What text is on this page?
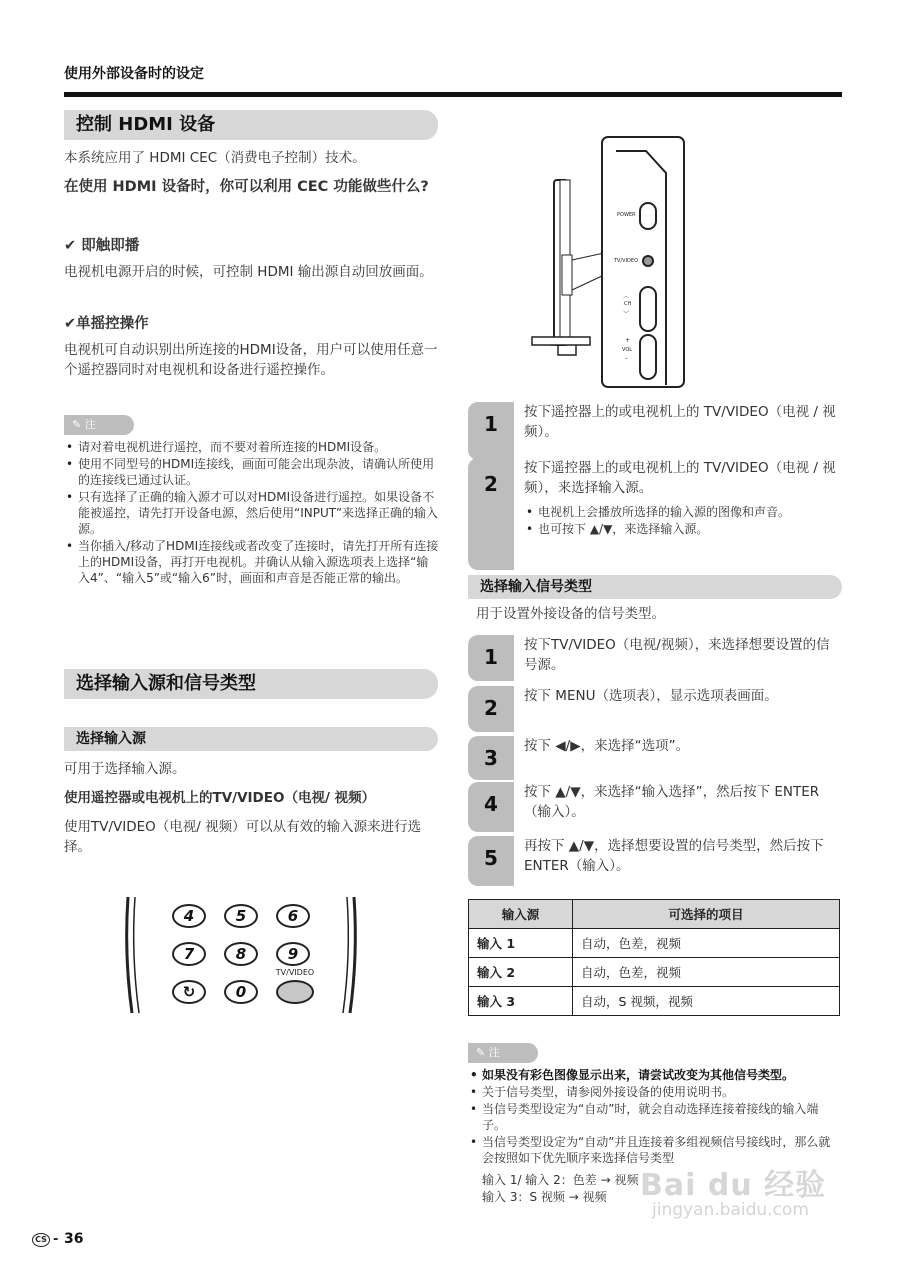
使用外部设备时的设定
控制 HDMI 设备

本系统应用了 HDMI CEC（消费电子控制）技术。

在使用 HDMI 设备时，你可以利用 CEC 功能做些什么?

✔ 即触即播

电视机电源开启的时候，可控制 HDMI 输出源自动回放画面。

✔单摇控操作

电视机可自动识别出所连接的HDMI设备，用户可以使用任意一个遥控器同时对电视机和设备进行遥控操作。

✎ 注
• 请对着电视机进行遥控，而不要对着所连接的HDMI设备。
• 使用不同型号的HDMI连接线，画面可能会出现杂波，请确认所使用的连接线已通过认证。
• 只有选择了正确的输入源才可以对HDMI设备进行遥控。如果设备不能被遥控，请先打开设备电源，然后使用“INPUT”来选择正确的输入源。
• 当你插入/移动了HDMI连接线或者改变了连接时，请先打开所有连接上的HDMI设备，再打开电视机。并确认从输入源选项表上选择“输入4”、“输入5”或“输入6”时，画面和声音是否能正常的输出。
选择输入源和信号类型
选择输入源

可用于选择输入源。

使用遥控器或电视机上的TV/VIDEO（电视/ 视频）

使用TV/VIDEO（电视/ 视频）可以从有效的输入源来进行选择。

4	5	6
7	8	9
↻	0
TV/VIDEO
POWER
TV/VIDEO
︿
CH
﹀
+
VOL
–
1	按下遥控器上的或电视机上的 TV/VIDEO（电视 / 视频）。
2
按下遥控器上的或电视机上的 TV/VIDEO（电视 / 视频），来选择输入源。
• 电视机上会播放所选择的输入源的图像和声音。
• 也可按下 ▲/▼，来选择输入源。
选择输入信号类型

用于设置外接设备的信号类型。

1	按下TV/VIDEO（电视/视频），来选择想要设置的信号源。
2	按下 MENU（选项表），显示选项表画面。
3	按下 ◀/▶，来选择“选项”。
4	按下 ▲/▼，来选择“输入选择”，然后按下 ENTER（输入）。
5	再按下 ▲/▼，选择想要设置的信号类型，然后按下 ENTER（输入）。
输入源	可选择的项目
输入 1	自动，色差，视频
输入 2	自动，色差，视频
输入 3	自动，S 视频，视频
✎ 注
• 如果没有彩色图像显示出来，请尝试改变为其他信号类型。
• 关于信号类型，请参阅外接设备的使用说明书。
• 当信号类型设定为“自动”时，就会自动选择连接着接线的输入端子。
• 当信号类型设定为“自动”并且连接着多组视频信号接线时，那么就会按照如下优先顺序来选择信号类型
输入 1/ 输入 2：色差 → 视频
输入 3：S 视频 → 视频
CS - 36
Bai du 经验
jingyan.baidu.com
